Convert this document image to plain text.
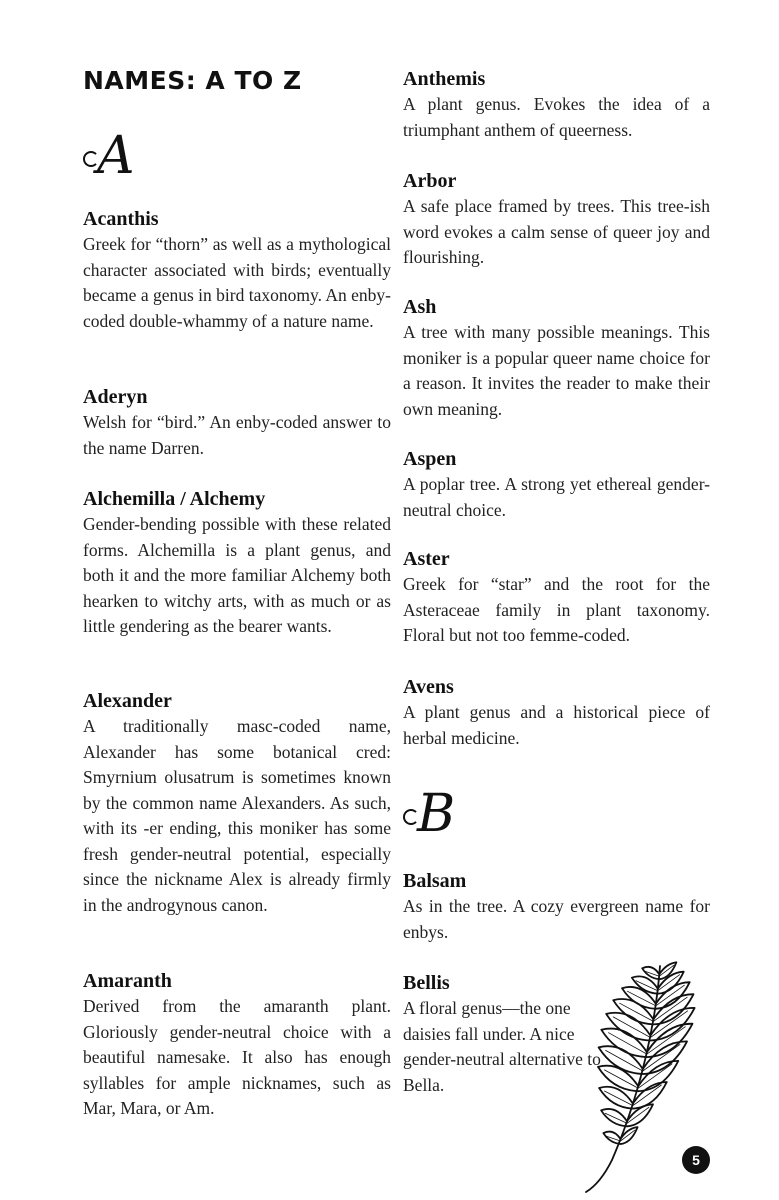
NAMES: A TO Z
A
Acanthis

Greek for “thorn” as well as a mythological character associated with birds; eventually became a genus in bird taxonomy. An enby-coded double-whammy of a nature name.

Aderyn

Welsh for “bird.” An enby-coded answer to the name Darren.

Alchemilla / Alchemy

Gender-bending possible with these related forms. Alchemilla is a plant genus, and both it and the more familiar Alchemy both hearken to witchy arts, with as much or as little gendering as the bearer wants.

Alexander

A traditionally masc-coded name, Alexander has some botanical cred: Smyrnium olusatrum is sometimes known by the common name Alexanders. As such, with its -er ending, this moniker has some fresh gender-neutral potential, especially since the nickname Alex is already firmly in the androgynous canon.

Amaranth

Derived from the amaranth plant. Gloriously gender-neutral choice with a beautiful namesake. It also has enough syllables for ample nicknames, such as Mar, Mara, or Am.

Anthemis

A plant genus. Evokes the idea of a triumphant anthem of queerness.

Arbor

A safe place framed by trees. This tree-ish word evokes a calm sense of queer joy and flourishing.

Ash

A tree with many possible meanings. This moniker is a popular queer name choice for a reason. It invites the reader to make their own meaning.

Aspen

A poplar tree. A strong yet ethereal gender-neutral choice.

Aster

Greek for “star” and the root for the Asteraceae family in plant taxonomy. Floral but not too femme-coded.

Avens

A plant genus and a historical piece of herbal medicine.

B
Balsam

As in the tree. A cozy evergreen name for enbys.

Bellis

A floral genus—the one daisies fall under. A nice gender-neutral alternative to Bella.

5
